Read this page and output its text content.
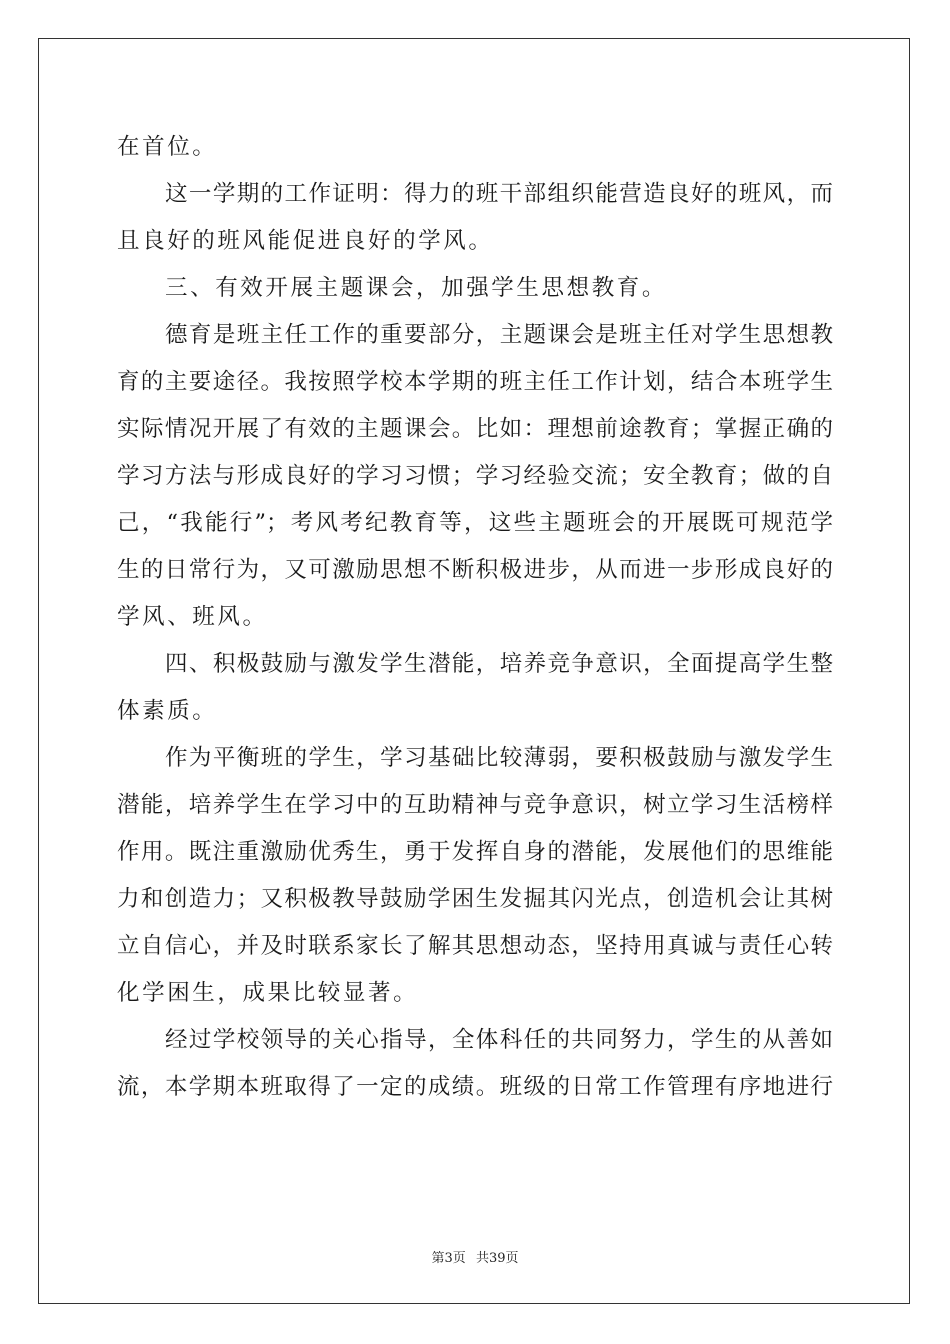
在首位。
这一学期的工作证明：得力的班干部组织能营造良好的班风，而
且良好的班风能促进良好的学风。
三、有效开展主题课会，加强学生思想教育。
德育是班主任工作的重要部分，主题课会是班主任对学生思想教
育的主要途径。我按照学校本学期的班主任工作计划，结合本班学生
实际情况开展了有效的主题课会。比如：理想前途教育；掌握正确的
学习方法与形成良好的学习习惯；学习经验交流；安全教育；做的自
己，“我能行”；考风考纪教育等，这些主题班会的开展既可规范学
生的日常行为，又可激励思想不断积极进步，从而进一步形成良好的
学风、班风。
四、积极鼓励与激发学生潜能，培养竞争意识，全面提高学生整
体素质。
作为平衡班的学生，学习基础比较薄弱，要积极鼓励与激发学生
潜能，培养学生在学习中的互助精神与竞争意识，树立学习生活榜样
作用。既注重激励优秀生，勇于发挥自身的潜能，发展他们的思维能
力和创造力；又积极教导鼓励学困生发掘其闪光点，创造机会让其树
立自信心，并及时联系家长了解其思想动态，坚持用真诚与责任心转
化学困生，成果比较显著。
经过学校领导的关心指导，全体科任的共同努力，学生的从善如
流，本学期本班取得了一定的成绩。班级的日常工作管理有序地进行
第3页 共39页
